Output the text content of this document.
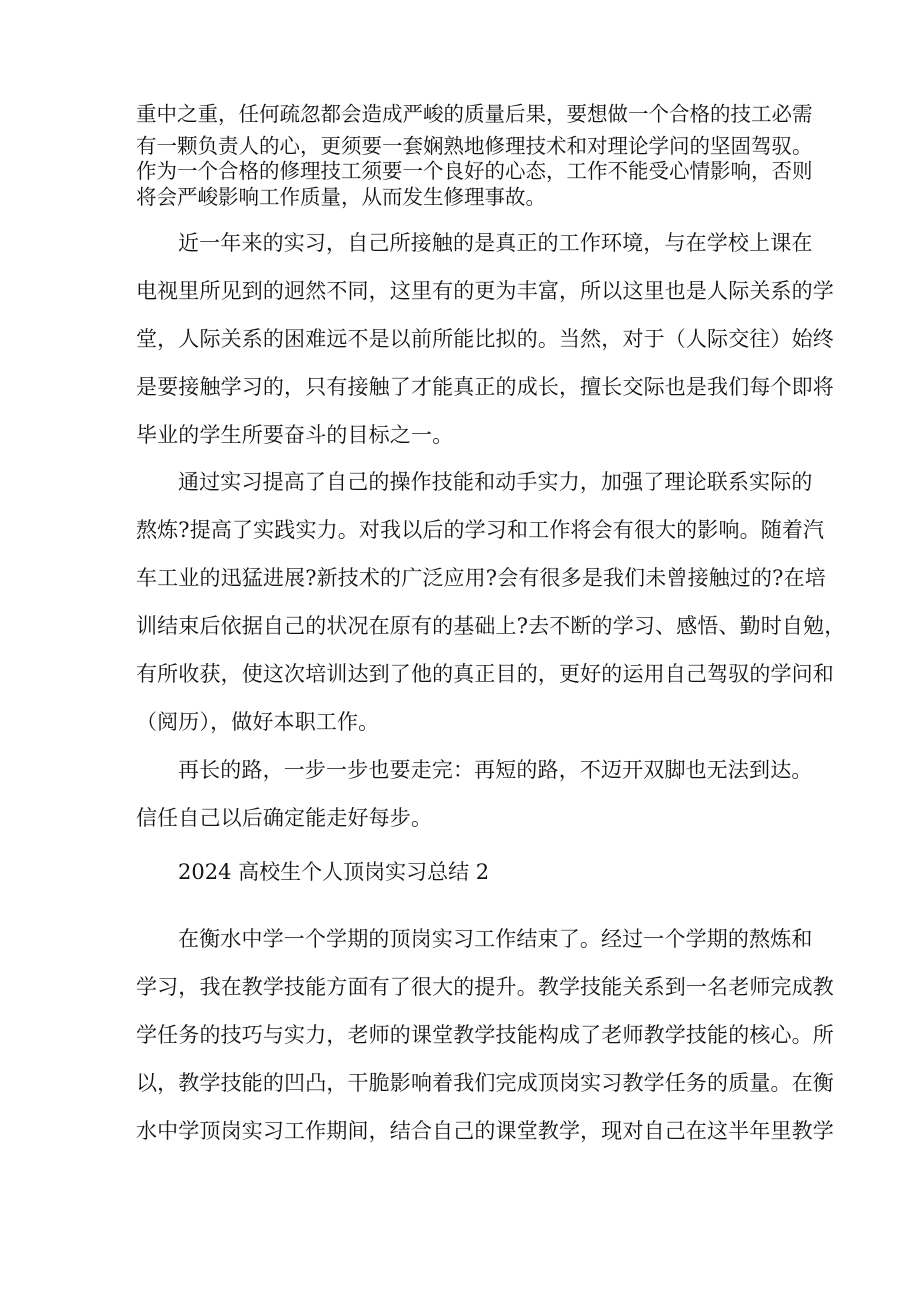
重中之重，任何疏忽都会造成严峻的质量后果，要想做一个合格的技工必需
有一颗负责人的心，更须要一套娴熟地修理技术和对理论学问的坚固驾驭。
作为一个合格的修理技工须要一个良好的心态，工作不能受心情影响，否则
将会严峻影响工作质量，从而发生修理事故。
近一年来的实习，自己所接触的是真正的工作环境，与在学校上课在
电视里所见到的迥然不同，这里有的更为丰富，所以这里也是人际关系的学
堂，人际关系的困难远不是以前所能比拟的。当然，对于（人际交往）始终
是要接触学习的，只有接触了才能真正的成长，擅长交际也是我们每个即将
毕业的学生所要奋斗的目标之一。
通过实习提高了自己的操作技能和动手实力，加强了理论联系实际的
熬炼?提高了实践实力。对我以后的学习和工作将会有很大的影响。随着汽
车工业的迅猛进展?新技术的广泛应用?会有很多是我们未曾接触过的?在培
训结束后依据自己的状况在原有的基础上?去不断的学习、感悟、勤时自勉，
有所收获，使这次培训达到了他的真正目的，更好的运用自己驾驭的学问和
（阅历），做好本职工作。
再长的路，一步一步也要走完：再短的路，不迈开双脚也无法到达。
信任自己以后确定能走好每步。
2024 高校生个人顶岗实习总结 2
在衡水中学一个学期的顶岗实习工作结束了。经过一个学期的熬炼和
学习，我在教学技能方面有了很大的提升。教学技能关系到一名老师完成教
学任务的技巧与实力，老师的课堂教学技能构成了老师教学技能的核心。所
以，教学技能的凹凸，干脆影响着我们完成顶岗实习教学任务的质量。在衡
水中学顶岗实习工作期间，结合自己的课堂教学，现对自己在这半年里教学
